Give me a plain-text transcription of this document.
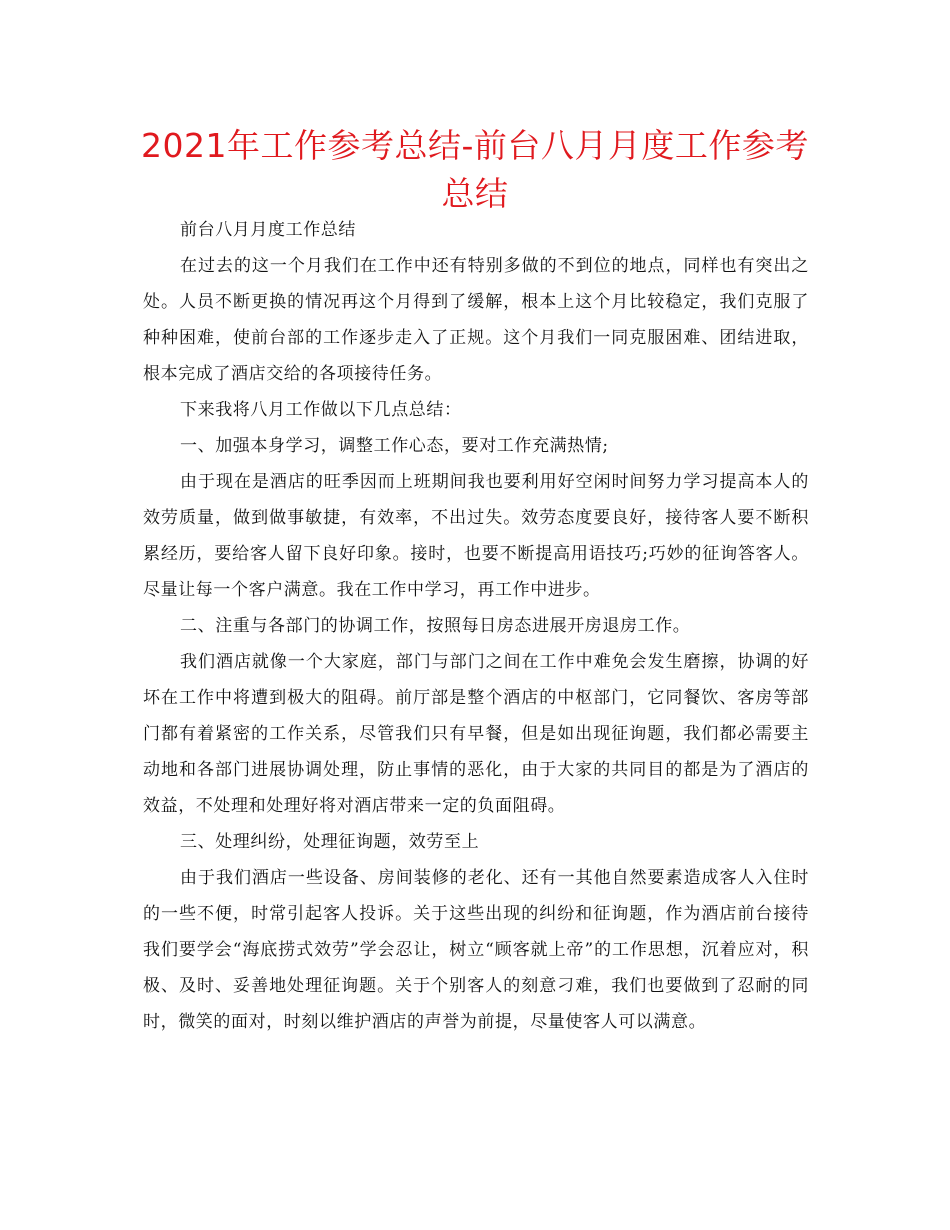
2021年工作参考总结-前台八月月度工作参考总结

前台八月月度工作总结

在过去的这一个月我们在工作中还有特别多做的不到位的地点，同样也有突出之处。人员不断更换的情况再这个月得到了缓解，根本上这个月比较稳定，我们克服了种种困难，使前台部的工作逐步走入了正规。这个月我们一同克服困难、团结进取，根本完成了酒店交给的各项接待任务。

下来我将八月工作做以下几点总结：

一、加强本身学习，调整工作心态，要对工作充满热情;

由于现在是酒店的旺季因而上班期间我也要利用好空闲时间努力学习提高本人的效劳质量，做到做事敏捷，有效率，不出过失。效劳态度要良好，接待客人要不断积累经历，要给客人留下良好印象。接时，也要不断提高用语技巧;巧妙的征询答客人。尽量让每一个客户满意。我在工作中学习，再工作中进步。

二、注重与各部门的协调工作，按照每日房态进展开房退房工作。

我们酒店就像一个大家庭，部门与部门之间在工作中难免会发生磨擦，协调的好坏在工作中将遭到极大的阻碍。前厅部是整个酒店的中枢部门，它同餐饮、客房等部门都有着紧密的工作关系，尽管我们只有早餐，但是如出现征询题，我们都必需要主动地和各部门进展协调处理，防止事情的恶化，由于大家的共同目的都是为了酒店的效益，不处理和处理好将对酒店带来一定的负面阻碍。

三、处理纠纷，处理征询题，效劳至上

由于我们酒店一些设备、房间装修的老化、还有一其他自然要素造成客人入住时的一些不便，时常引起客人投诉。关于这些出现的纠纷和征询题，作为酒店前台接待我们要学会“海底捞式效劳”学会忍让，树立“顾客就上帝”的工作思想，沉着应对，积极、及时、妥善地处理征询题。关于个别客人的刻意刁难，我们也要做到了忍耐的同时，微笑的面对，时刻以维护酒店的声誉为前提，尽量使客人可以满意。
